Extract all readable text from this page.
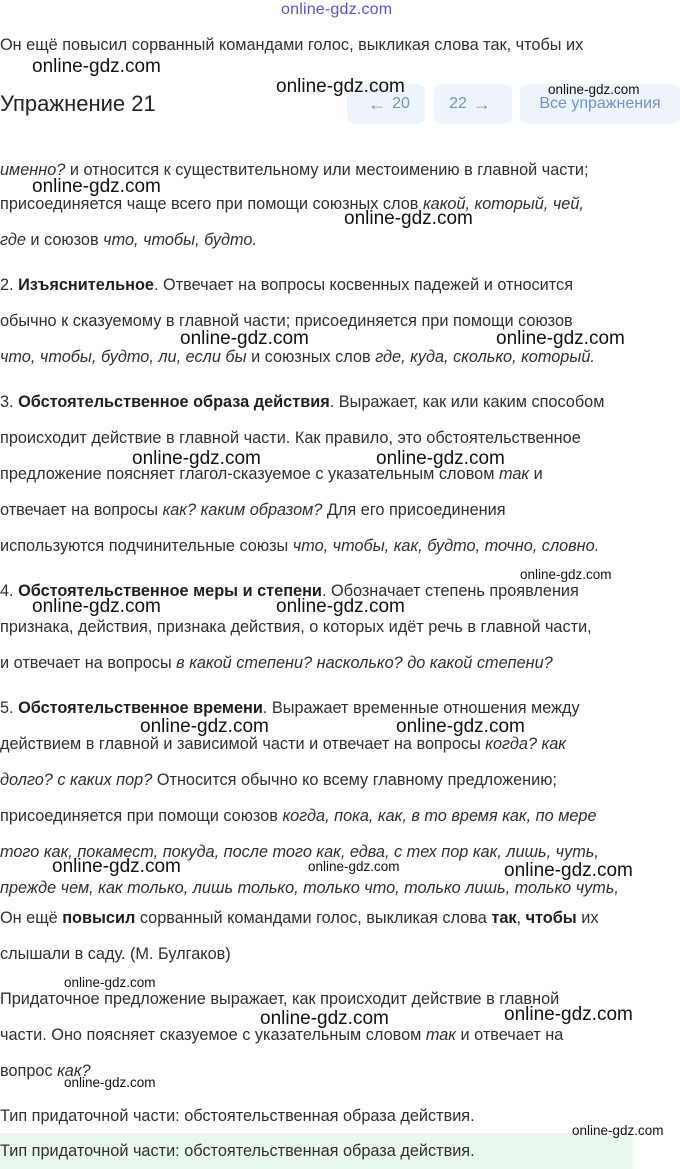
online-gdz.com
Он ещё повысил сорванный командами голос, выкликая слова так, чтобы их
Упражнение 21	← 20 22 →	Все упражнения
именно? и относится к существительному или местоимению в главной части;
присоединяется чаще всего при помощи союзных слов какой, который, чей,
где и союзов что, чтобы, будто.
2. Изъяснительное. Отвечает на вопросы косвенных падежей и относится
обычно к сказуемому в главной части; присоединяется при помощи союзов
что, чтобы, будто, ли, если бы и союзных слов где, куда, сколько, который.
3. Обстоятельственное образа действия. Выражает, как или каким способом
происходит действие в главной части. Как правило, это обстоятельственное
предложение поясняет глагол-сказуемое с указательным словом так и
отвечает на вопросы как? каким образом? Для его присоединения
используются подчинительные союзы что, чтобы, как, будто, точно, словно.
4. Обстоятельственное меры и степени. Обозначает степень проявления
признака, действия, признака действия, о которых идёт речь в главной части,
и отвечает на вопросы в какой степени? насколько? до какой степени?
5. Обстоятельственное времени. Выражает временные отношения между
действием в главной и зависимой части и отвечает на вопросы когда? как
долго? с каких пор? Относится обычно ко всему главному предложению;
присоединяется при помощи союзов когда, пока, как, в то время как, по мере
того как, покамест, покуда, после того как, едва, с тех пор как, лишь, чуть,
прежде чем, как только, лишь только, только что, только лишь, только чуть,
Он ещё повысил сорванный командами голос, выкликая слова так, чтобы их
слышали в саду. (М. Булгаков)
Придаточное предложение выражает, как происходит действие в главной
части. Оно поясняет сказуемое с указательным словом так и отвечает на
вопрос как?
Тип придаточной части: обстоятельственная образа действия.
Тип придаточной части: обстоятельственная образа действия.
online-gdz.com
online-gdz.com	online-gdz.com
online-gdz.com
online-gdz.com
online-gdz.com	online-gdz.com
online-gdz.com	online-gdz.com
online-gdz.com
online-gdz.com	online-gdz.com
online-gdz.com	online-gdz.com
online-gdz.com	online-gdz.com	online-gdz.com
online-gdz.com
online-gdz.com	online-gdz.com
online-gdz.com
online-gdz.com
